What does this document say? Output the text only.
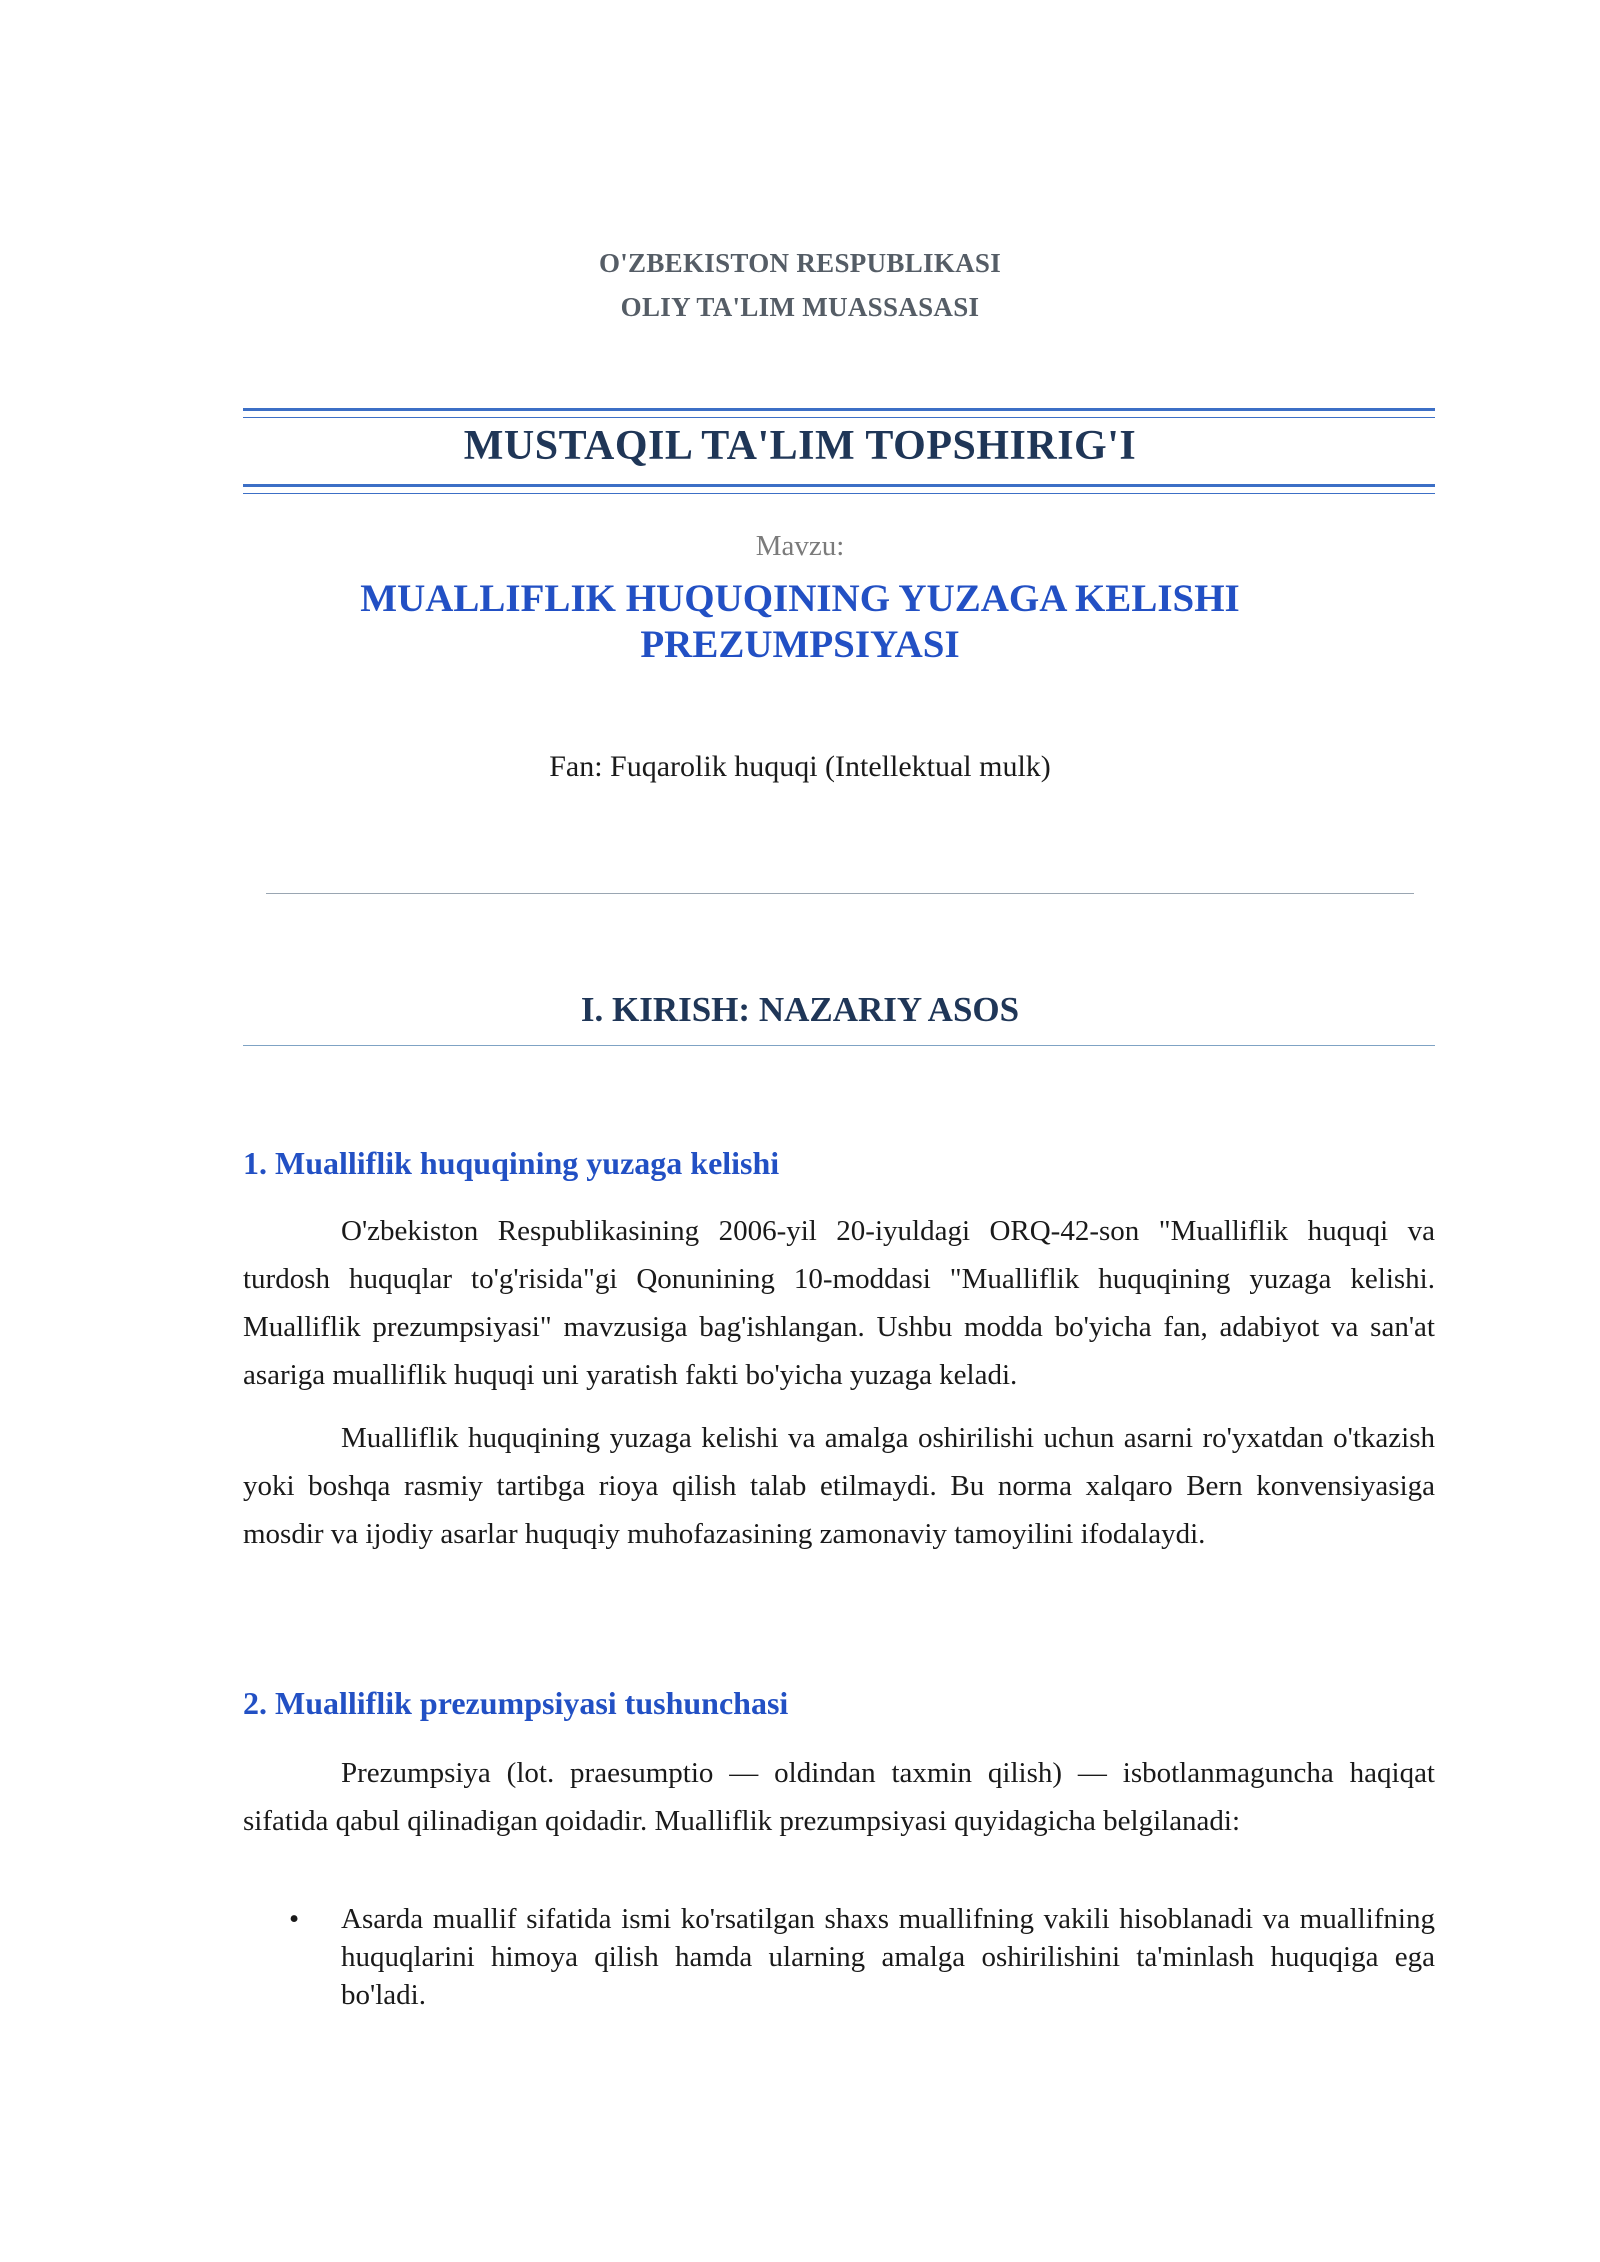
O'ZBEKISTON RESPUBLIKASI
OLIY TA'LIM MUASSASASI
MUSTAQIL TA'LIM TOPSHIRIG'I
Mavzu:
MUALLIFLIK HUQUQINING YUZAGA KELISHI PREZUMPSIYASI
Fan: Fuqarolik huquqi (Intellektual mulk)
I. KIRISH: NAZARIY ASOS
1. Mualliflik huquqining yuzaga kelishi

O'zbekiston Respublikasining 2006-yil 20-iyuldagi ORQ-42-son "Mualliflik huquqi va turdosh huquqlar to'g'risida"gi Qonunining 10-moddasi "Mualliflik huquqining yuzaga kelishi. Mualliflik prezumpsiyasi" mavzusiga bag'ishlangan. Ushbu modda bo'yicha fan, adabiyot va san'at asariga mualliflik huquqi uni yaratish fakti bo'yicha yuzaga keladi.

Mualliflik huquqining yuzaga kelishi va amalga oshirilishi uchun asarni ro'yxatdan o'tkazish yoki boshqa rasmiy tartibga rioya qilish talab etilmaydi. Bu norma xalqaro Bern konvensiyasiga mosdir va ijodiy asarlar huquqiy muhofazasining zamonaviy tamoyilini ifodalaydi.

2. Mualliflik prezumpsiyasi tushunchasi

Prezumpsiya (lot. praesumptio — oldindan taxmin qilish) — isbotlanmaguncha haqiqat sifatida qabul qilinadigan qoidadir. Mualliflik prezumpsiyasi quyidagicha belgilanadi:

• Asarda muallif sifatida ismi ko'rsatilgan shaxs muallifning vakili hisoblanadi va muallifning huquqlarini himoya qilish hamda ularning amalga oshirilishini ta'minlash huquqiga ega bo'ladi.
